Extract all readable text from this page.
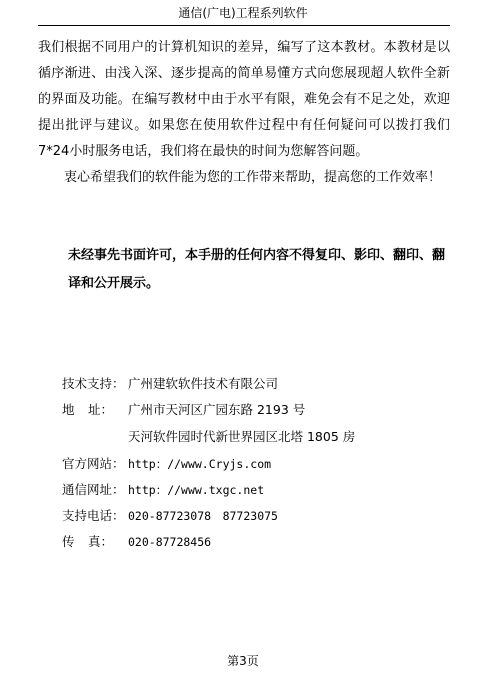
通信(广电)工程系列软件

我们根据不同用户的计算机知识的差异，编写了这本教材。本教材是以循序渐进、由浅入深、逐步提高的简单易懂方式向您展现超人软件全新的界面及功能。在编写教材中由于水平有限，难免会有不足之处，欢迎提出批评与建议。如果您在使用软件过程中有任何疑问可以拨打我们7*24小时服务电话，我们将在最快的时间为您解答问题。

衷心希望我们的软件能为您的工作带来帮助，提高您的工作效率！

未经事先书面许可，本手册的任何内容不得复印、影印、翻印、翻译和公开展示。
技术支持： 广州建软软件技术有限公司
地 址： 广州市天河区广园东路 2193 号
天河软件园时代新世界园区北塔 1805 房
官方网站： http：//www.Cryjs.com
通信网址： http：//www.txgc.net
支持电话： 020-87723078　87723075
传 真： 020-87728456
第3页
